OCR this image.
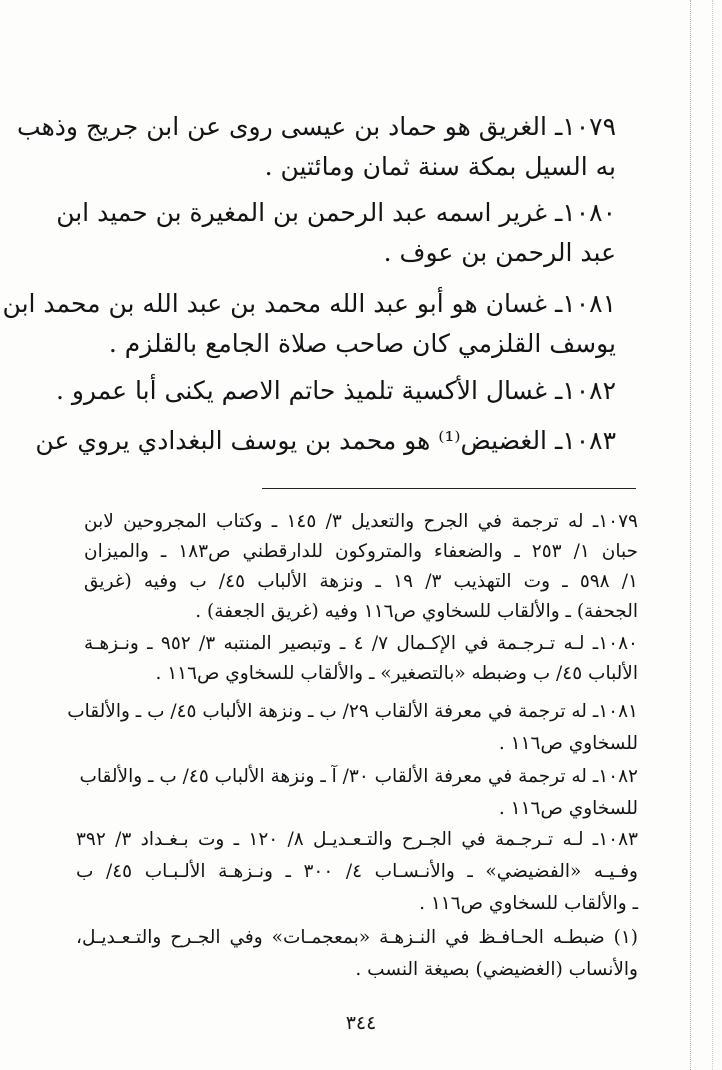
١٠٧٩ـ الغريق هو حماد بن عيسى روى عن ابن جريج وذهب
به السيل بمكة سنة ثمان ومائتين .
١٠٨٠ـ غرير اسمه عبد الرحمن بن المغيرة بن حميد ابن
عبد الرحمن بن عوف .
١٠٨١ـ غسان هو أبو عبد الله محمد بن عبد الله بن محمد ابن
يوسف القلزمي كان صاحب صلاة الجامع بالقلزم .
١٠٨٢ـ غسال الأكسية تلميذ حاتم الاصم يكنى أبا عمرو .
١٠٨٣ـ الغضيض⁽¹⁾ هو محمد بن يوسف البغدادي يروي عن
١٠٧٩ـ له ترجمة في الجرح والتعديل ٣/ ١٤٥ ـ وكتاب المجروحين لابن
حبان ١/ ٢٥٣ ـ والضعفاء والمتروكون للدارقطني ص١٨٣ ـ والميزان
١/ ٥٩٨ ـ وت التهذيب ٣/ ١٩ ـ ونزهة الألباب ٤٥/ ب وفيه (غريق
الجحفة) ـ والألقاب للسخاوي ص١١٦ وفيه (غريق الجعفة) .
١٠٨٠ـ لـه تـرجـمة في الإكـمال ٧/ ٤ ـ وتبصير المنتبه ٣/ ٩٥٢ ـ ونـزهـة
الألباب ٤٥/ ب وضبطه «بالتصغير» ـ والألقاب للسخاوي ص١١٦ .
١٠٨١ـ له ترجمة في معرفة الألقاب ٢٩/ ب ـ ونزهة الألباب ٤٥/ ب ـ والألقاب
للسخاوي ص١١٦ .
١٠٨٢ـ له ترجمة في معرفة الألقاب ٣٠/ آ ـ ونزهة الألباب ٤٥/ ب ـ والألقاب
للسخاوي ص١١٦ .
١٠٨٣ـ لـه تـرجـمة في الجـرح والتـعـديـل ٨/ ١٢٠ ـ وت بـغـداد ٣/ ٣٩٢
وفـيـه «الفضيضي» ـ والأنـسـاب ٤/ ٣٠٠ ـ ونـزهـة الألـبـاب ٤٥/ ب
ـ والألقاب للسخاوي ص١١٦ .
(١) ضبطـه الحـافـظ في النـزهـة «بمعجمـات» وفي الجـرح والتـعـديـل،
والأنساب (الغضيضي) بصيغة النسب .
٣٤٤
